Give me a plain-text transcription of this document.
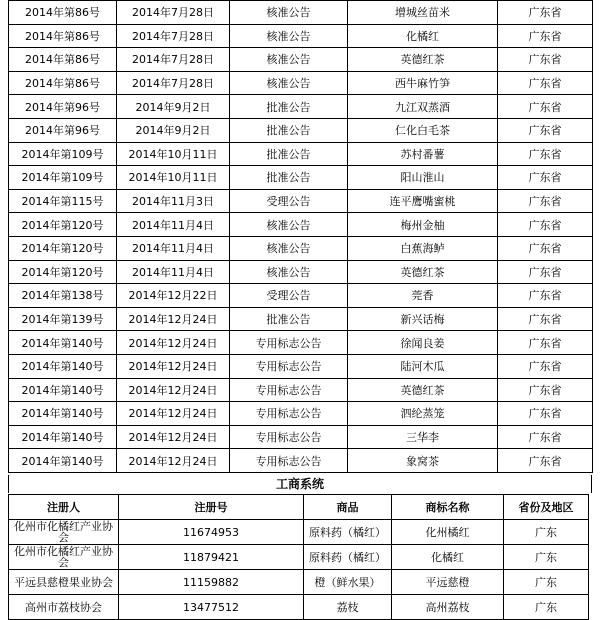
2014年第86号	2014年7月28日	核准公告	增城丝苗米	广东省
2014年第86号	2014年7月28日	核准公告	化橘红	广东省
2014年第86号	2014年7月28日	核准公告	英德红茶	广东省
2014年第86号	2014年7月28日	核准公告	西牛麻竹笋	广东省
2014年第96号	2014年9月2日	批准公告	九江双蒸酒	广东省
2014年第96号	2014年9月2日	批准公告	仁化白毛茶	广东省
2014年第109号	2014年10月11日	批准公告	苏村番薯	广东省
2014年第109号	2014年10月11日	批准公告	阳山淮山	广东省
2014年第115号	2014年11月3日	受理公告	连平鹰嘴蜜桃	广东省
2014年第120号	2014年11月4日	核准公告	梅州金柚	广东省
2014年第120号	2014年11月4日	核准公告	白蕉海鲈	广东省
2014年第120号	2014年11月4日	核准公告	英德红茶	广东省
2014年第138号	2014年12月22日	受理公告	莞香	广东省
2014年第139号	2014年12月24日	批准公告	新兴话梅	广东省
2014年第140号	2014年12月24日	专用标志公告	徐闻良姜	广东省
2014年第140号	2014年12月24日	专用标志公告	陆河木瓜	广东省
2014年第140号	2014年12月24日	专用标志公告	英德红茶	广东省
2014年第140号	2014年12月24日	专用标志公告	泗纶蒸笼	广东省
2014年第140号	2014年12月24日	专用标志公告	三华李	广东省
2014年第140号	2014年12月24日	专用标志公告	象窝茶	广东省
工商系统
注册人	注册号	商品	商标名称	省份及地区
化州市化橘红产业协会	11674953	原料药（橘红）	化州橘红	广东
化州市化橘红产业协会	11879421	原料药（橘红）	化橘红	广东
平远县慈橙果业协会	11159882	橙（鲜水果）	平远慈橙	广东
高州市荔枝协会	13477512	荔枝	高州荔枝	广东
